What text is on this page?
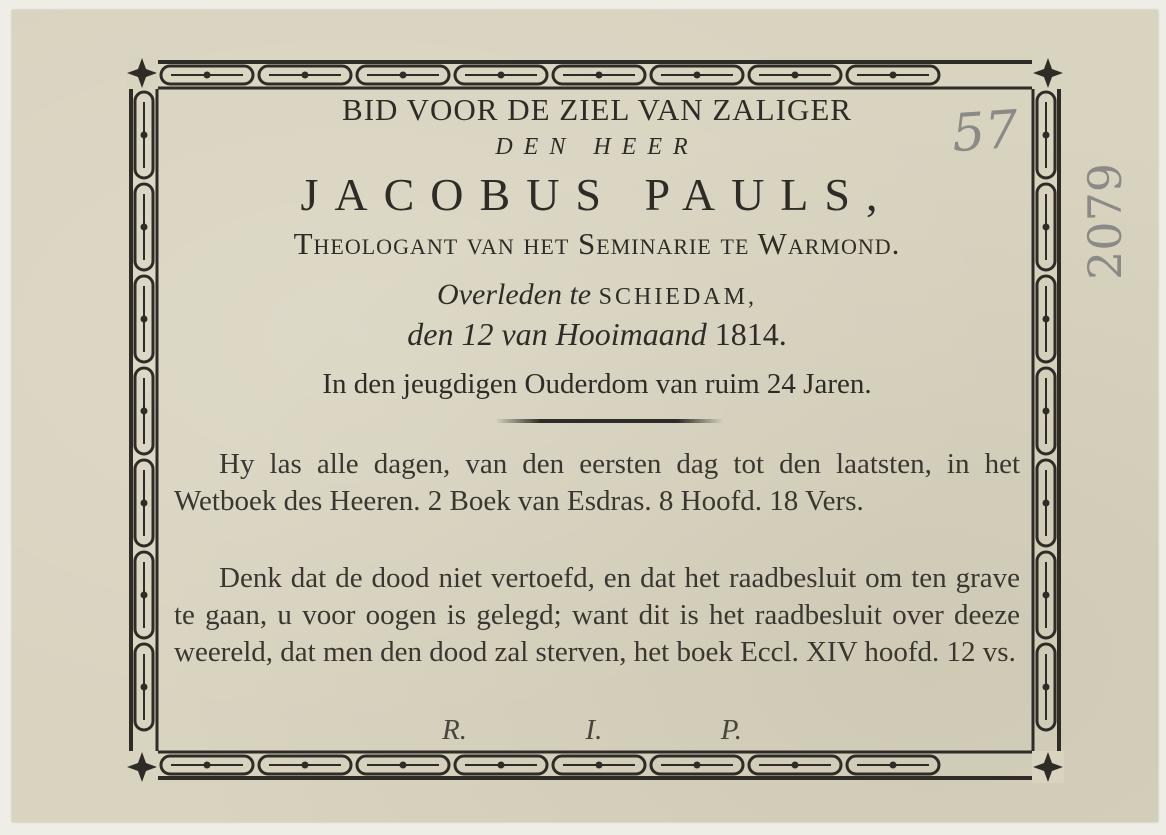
BID VOOR DE ZIEL VAN ZALIGER
DEN HEER
JACOBUS PAULS,
Theologant van het Seminarie te Warmond.
Overleden te SCHIEDAM,
den 12 van Hooimaand 1814.
In den jeugdigen Ouderdom van ruim 24 Jaren.
Hy las alle dagen, van den eersten dag tot den laatsten, in het Wetboek des Heeren. 2 Boek van Esdras. 8 Hoofd. 18 Vers.
Denk dat de dood niet vertoefd, en dat het raadbesluit om ten grave te gaan, u voor oogen is gelegd; want dit is het raadbesluit over deeze weereld, dat men den dood zal sterven, het boek Eccl. XIV hoofd. 12 vs.
R.	I.	P.
57
2079
